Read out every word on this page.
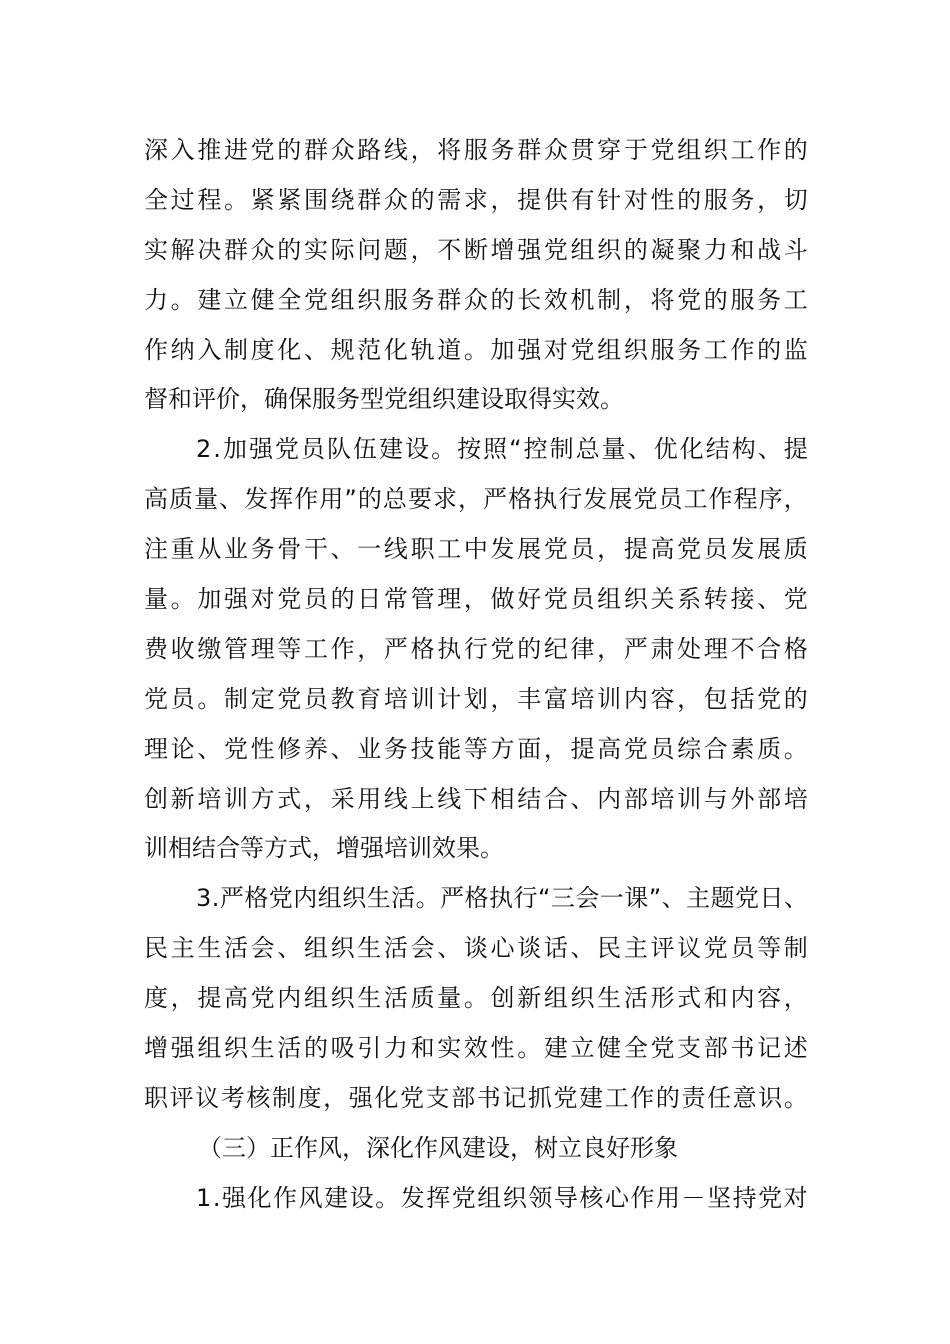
深 入 推 进 党 的 群 众 路 线 ， 将 服 务 群 众 贯 穿 于 党 组 织 工 作 的
全 过 程 。 紧 紧 围 绕 群 众 的 需 求 ， 提 供 有 针 对 性 的 服 务 ， 切
实 解 决 群 众 的 实 际 问 题 ， 不 断 增 强 党 组 织 的 凝 聚 力 和 战 斗
力 。 建 立 健 全 党 组 织 服 务 群 众 的 长 效 机 制 ， 将 党 的 服 务 工
作 纳 入 制 度 化 、 规 范 化 轨 道 。 加 强 对 党 组 织 服 务 工 作 的 监
督和评价，确保服务型党组织建设取得实效。
2 . 加 强 党 员 队 伍 建 设 。 按 照 “ 控 制 总 量 、 优 化 结 构 、 提
高 质 量 、 发 挥 作 用 ” 的 总 要 求 ， 严 格 执 行 发 展 党 员 工 作 程 序 ，
注 重 从 业 务 骨 干 、 一 线 职 工 中 发 展 党 员 ， 提 高 党 员 发 展 质
量 。 加 强 对 党 员 的 日 常 管 理 ， 做 好 党 员 组 织 关 系 转 接 、 党
费 收 缴 管 理 等 工 作 ， 严 格 执 行 党 的 纪 律 ， 严 肃 处 理 不 合 格
党 员 。 制 定 党 员 教 育 培 训 计 划 ， 丰 富 培 训 内 容 ， 包 括 党 的
理 论 、 党 性 修 养 、 业 务 技 能 等 方 面 ， 提 高 党 员 综 合 素 质 。
创 新 培 训 方 式 ， 采 用 线 上 线 下 相 结 合 、 内 部 培 训 与 外 部 培
训相结合等方式，增强培训效果。
3 . 严 格 党 内 组 织 生 活 。 严 格 执 行 “ 三 会 一 课 ” 、 主 题 党 日 、
民 主 生 活 会 、 组 织 生 活 会 、 谈 心 谈 话 、 民 主 评 议 党 员 等 制
度 ， 提 高 党 内 组 织 生 活 质 量 。 创 新 组 织 生 活 形 式 和 内 容 ，
增 强 组 织 生 活 的 吸 引 力 和 实 效 性 。 建 立 健 全 党 支 部 书 记 述
职 评 议 考 核 制 度 ， 强 化 党 支 部 书 记 抓 党 建 工 作 的 责 任 意 识 。
（三）正作风，深化作风建设，树立良好形象
1 . 强 化 作 风 建 设 。 发 挥 党 组 织 领 导 核 心 作 用 － 坚 持 党 对
